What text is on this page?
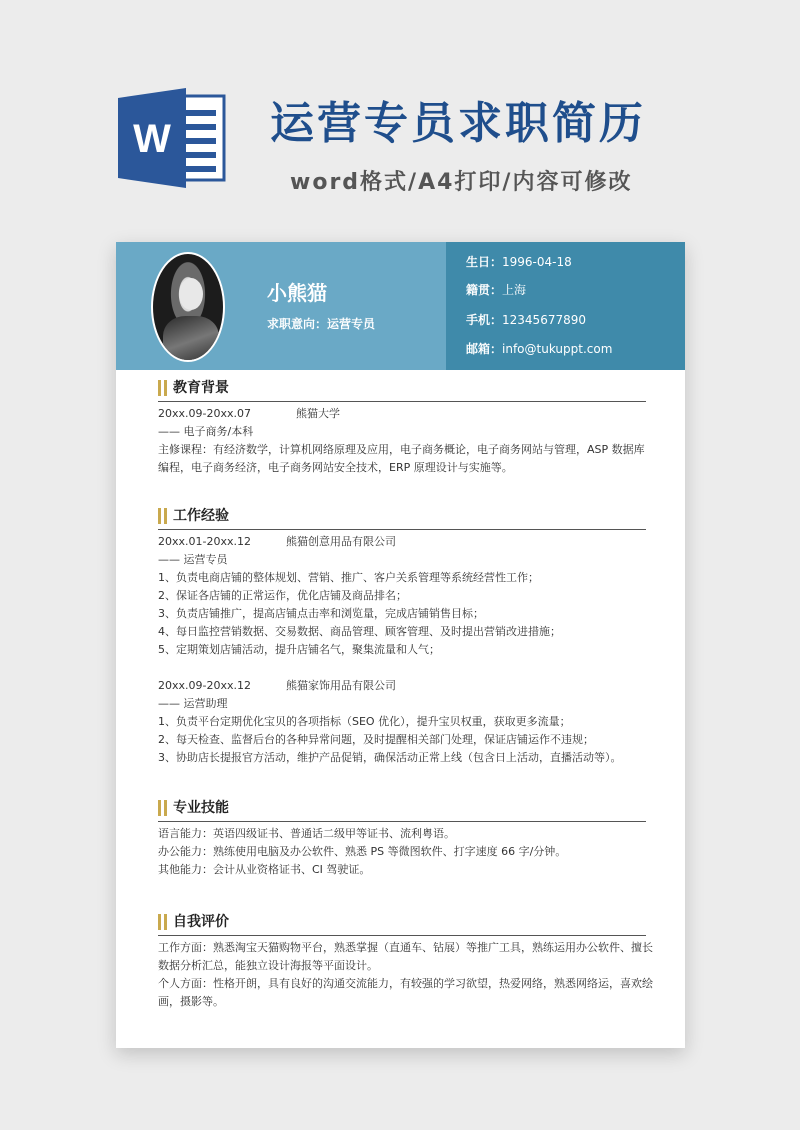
W 运营专员求职简历
word格式/A4打印/内容可修改
小熊猫
求职意向：运营专员
生日：1996-04-18
籍贯：上海
手机：12345677890
邮箱：info@tukuppt.com
教育背景
20xx.09-20xx.07	熊猫大学
—— 电子商务/本科
主修课程：有经济数学，计算机网络原理及应用，电子商务概论，电子商务网站与管理，ASP 数据库编程，电子商务经济，电子商务网站安全技术，ERP 原理设计与实施等。
工作经验
20xx.01-20xx.12	熊猫创意用品有限公司
—— 运营专员
1、负责电商店铺的整体规划、营销、推广、客户关系管理等系统经营性工作；
2、保证各店铺的正常运作，优化店铺及商品排名；
3、负责店铺推广，提高店铺点击率和浏览量，完成店铺销售目标；
4、每日监控营销数据、交易数据、商品管理、顾客管理、及时提出营销改进措施；
5、定期策划店铺活动，提升店铺名气，聚集流量和人气；
20xx.09-20xx.12	熊猫家饰用品有限公司
—— 运营助理
1、负责平台定期优化宝贝的各项指标（SEO 优化），提升宝贝权重，获取更多流量；
2、每天检查、监督后台的各种异常问题，及时提醒相关部门处理，保证店铺运作不违规；
3、协助店长提报官方活动，维护产品促销，确保活动正常上线（包含日上活动，直播活动等）。
专业技能
语言能力：英语四级证书、普通话二级甲等证书、流利粤语。
办公能力：熟练使用电脑及办公软件、熟悉 PS 等微图软件、打字速度 66 字/分钟。
其他能力：会计从业资格证书、CI 驾驶证。
自我评价
工作方面：熟悉淘宝天猫购物平台，熟悉掌握（直通车、钻展）等推广工具，熟练运用办公软件、擅长
数据分析汇总，能独立设计海报等平面设计。
个人方面：性格开朗，具有良好的沟通交流能力，有较强的学习欲望，热爱网络，熟悉网络运，喜欢绘
画，摄影等。
